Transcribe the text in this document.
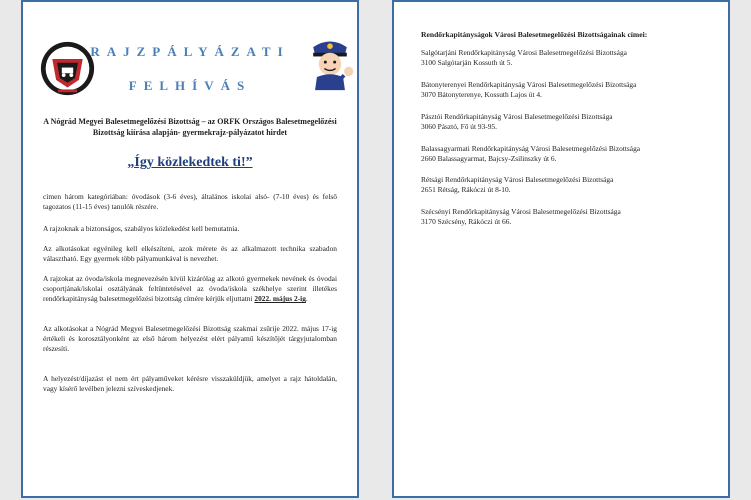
RAJZPÁLYÁZATI
FELHÍVÁS
A Nógrád Megyei Balesetmegelőzési Bizottság – az ORFK Országos Balesetmegelőzési Bizottság kiírása alapján- gyermekrajz-pályázatot hirdet
„Így közlekedtek ti!”
címen három kategóriában: óvodások (3-6 éves), általános iskolai alsó- (7-10 éves) és felső tagozatos (11-15 éves) tanulók részére.
A rajzoknak a biztonságos, szabályos közlekedést kell bemutatnia.
Az alkotásokat egyénileg kell elkészíteni, azok mérete és az alkalmazott technika szabadon választható. Egy gyermek több pályamunkával is nevezhet.
A rajzokat az óvoda/iskola megnevezésén kívül kizárólag az alkotó gyermekek nevének és óvodai csoportjának/iskolai osztályának feltüntetésével az óvoda/iskola székhelye szerint illetékes rendőrkapitányság balesetmegelőzési bizottság címére kérjük eljuttatni 2022. május 2-ig.
Az alkotásokat a Nógrád Megyei Balesetmegelőzési Bizottság szakmai zsűrije 2022. május 17-ig értékeli és korosztályonként az első három helyezést elért pályamű készítőjét tárgyjutalomban részesíti.
A helyezést/díjazást el nem ért pályaműveket kérésre visszaküldjük, amelyet a rajz hátoldalán, vagy kísérő levélben jelezni szíveskedjenek.
Rendőrkapitányságok Városi Balesetmegelőzési Bizottságainak címei:
Salgótarjáni Rendőrkapitányság Városi Balesetmegelőzési Bizottsága
3100 Salgótarján Kossuth út 5.
Bátonyterenyei Rendőrkapitányság Városi Balesetmegelőzési Bizottsága
3070 Bátonyterenye, Kossuth Lajos út 4.
Pásztói Rendőrkapitányság Városi Balesetmegelőzési Bizottsága
3060 Pásztó, Fő út 93-95.
Balassagyarmati Rendőrkapitányság Városi Balesetmegelőzési Bizottsága
2660 Balassagyarmat, Bajcsy-Zsilinszky út 6.
Rétsági Rendőrkapitányság Városi Balesetmegelőzési Bizottsága
2651 Rétság, Rákóczi út 8-10.
Szécsényi Rendőrkapitányság Városi Balesetmegelőzési Bizottsága
3170 Szécsény, Rákóczi út 66.
